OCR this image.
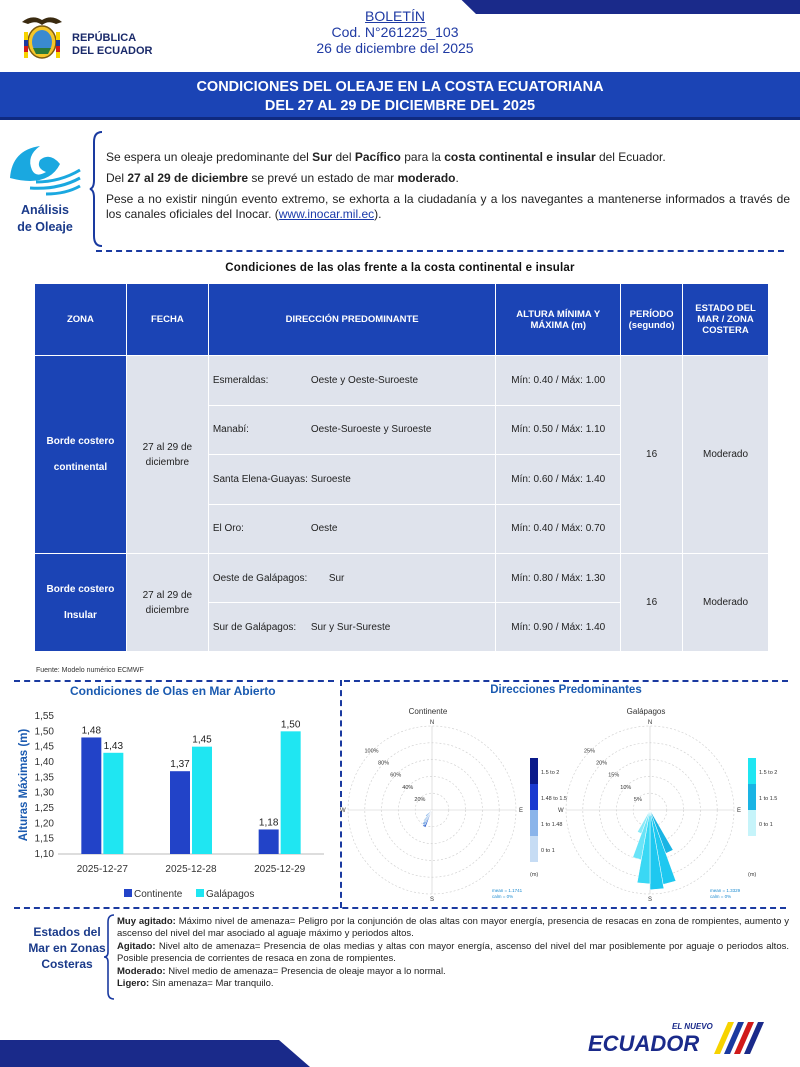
REPÚBLICA
DEL ECUADOR
BOLETÍN
Cod. N°261225_103
26 de diciembre del 2025
CONDICIONES DEL OLEAJE EN LA COSTA ECUATORIANA
DEL 27 AL 29 DE DICIEMBRE DEL 2025
Análisis
de Oleaje

Se espera un oleaje predominante del Sur del Pacífico para la costa continental e insular del Ecuador.

Del 27 al 29 de diciembre se prevé un estado de mar moderado.

Pese a no existir ningún evento extremo, se exhorta a la ciudadanía y a los navegantes a mantenerse informados a través de los canales oficiales del Inocar. (www.inocar.mil.ec).

Condiciones de las olas frente a la costa continental e insular
ZONA	FECHA	DIRECCIÓN PREDOMINANTE	ALTURA MÍNIMA Y MÁXIMA (m)	PERÍODO (segundo)	ESTADO DEL MAR / ZONA COSTERA
Borde costero continental	27 al 29 de diciembre	Esmeraldas: Oeste y Oeste-Suroeste	Mín: 0.40 / Máx: 1.00	16	Moderado

		Manabí: Oeste-Suroeste y Suroeste	Mín: 0.50 / Máx: 1.10		

		Santa Elena-Guayas: Suroeste	Mín: 0.60 / Máx: 1.40		

		El Oro: Oeste	Mín: 0.40 / Máx: 0.70		
Borde costero Insular	27 al 29 de diciembre	Oeste de Galápagos: Sur	Mín: 0.80 / Máx: 1.30	16	Moderado

		Sur de Galápagos: Sur y Sur-Sureste	Mín: 0.90 / Máx: 1.40		
Fuente: Modelo numérico ECMWF
Condiciones de Olas en Mar Abierto
1,55
1,50
1,45
1,40
1,35
1,30
1,25
1,20
1,15
1,10
2025-12-27
1,48
1,43
2025-12-28
1,37
1,45
2025-12-29
1,18
1,50
Alturas Máximas (m)
Continente Galápagos
Direcciones Predominantes
Continente
100%
80%
60%
40%
20%
N
E
S
W
1.5 to 2
1.48 to 1.5
1 to 1.48
0 to 1
(m)
mean = 1.1741
calm = 0%
Galápagos
25%
20%
15%
10%
5%
N
E
S
W
1.5 to 2
1 to 1.5
0 to 1
(m)
mean = 1.3329
calm = 0%
Estados del
Mar en Zonas
Costeras
Muy agitado: Máximo nivel de amenaza= Peligro por la conjunción de olas altas con mayor energía, presencia de resacas en zona de rompientes, aumento y ascenso del nivel del mar asociado al aguaje máximo y periodos altos.
Agitado: Nivel alto de amenaza= Presencia de olas medias y altas con mayor energía, ascenso del nivel del mar posiblemente por aguaje o periodos altos. Posible presencia de corrientes de resaca en zona de rompientes.
Moderado: Nivel medio de amenaza= Presencia de oleaje mayor a lo normal.
Ligero: Sin amenaza= Mar tranquilo.
EL NUEVO
ECUADOR
